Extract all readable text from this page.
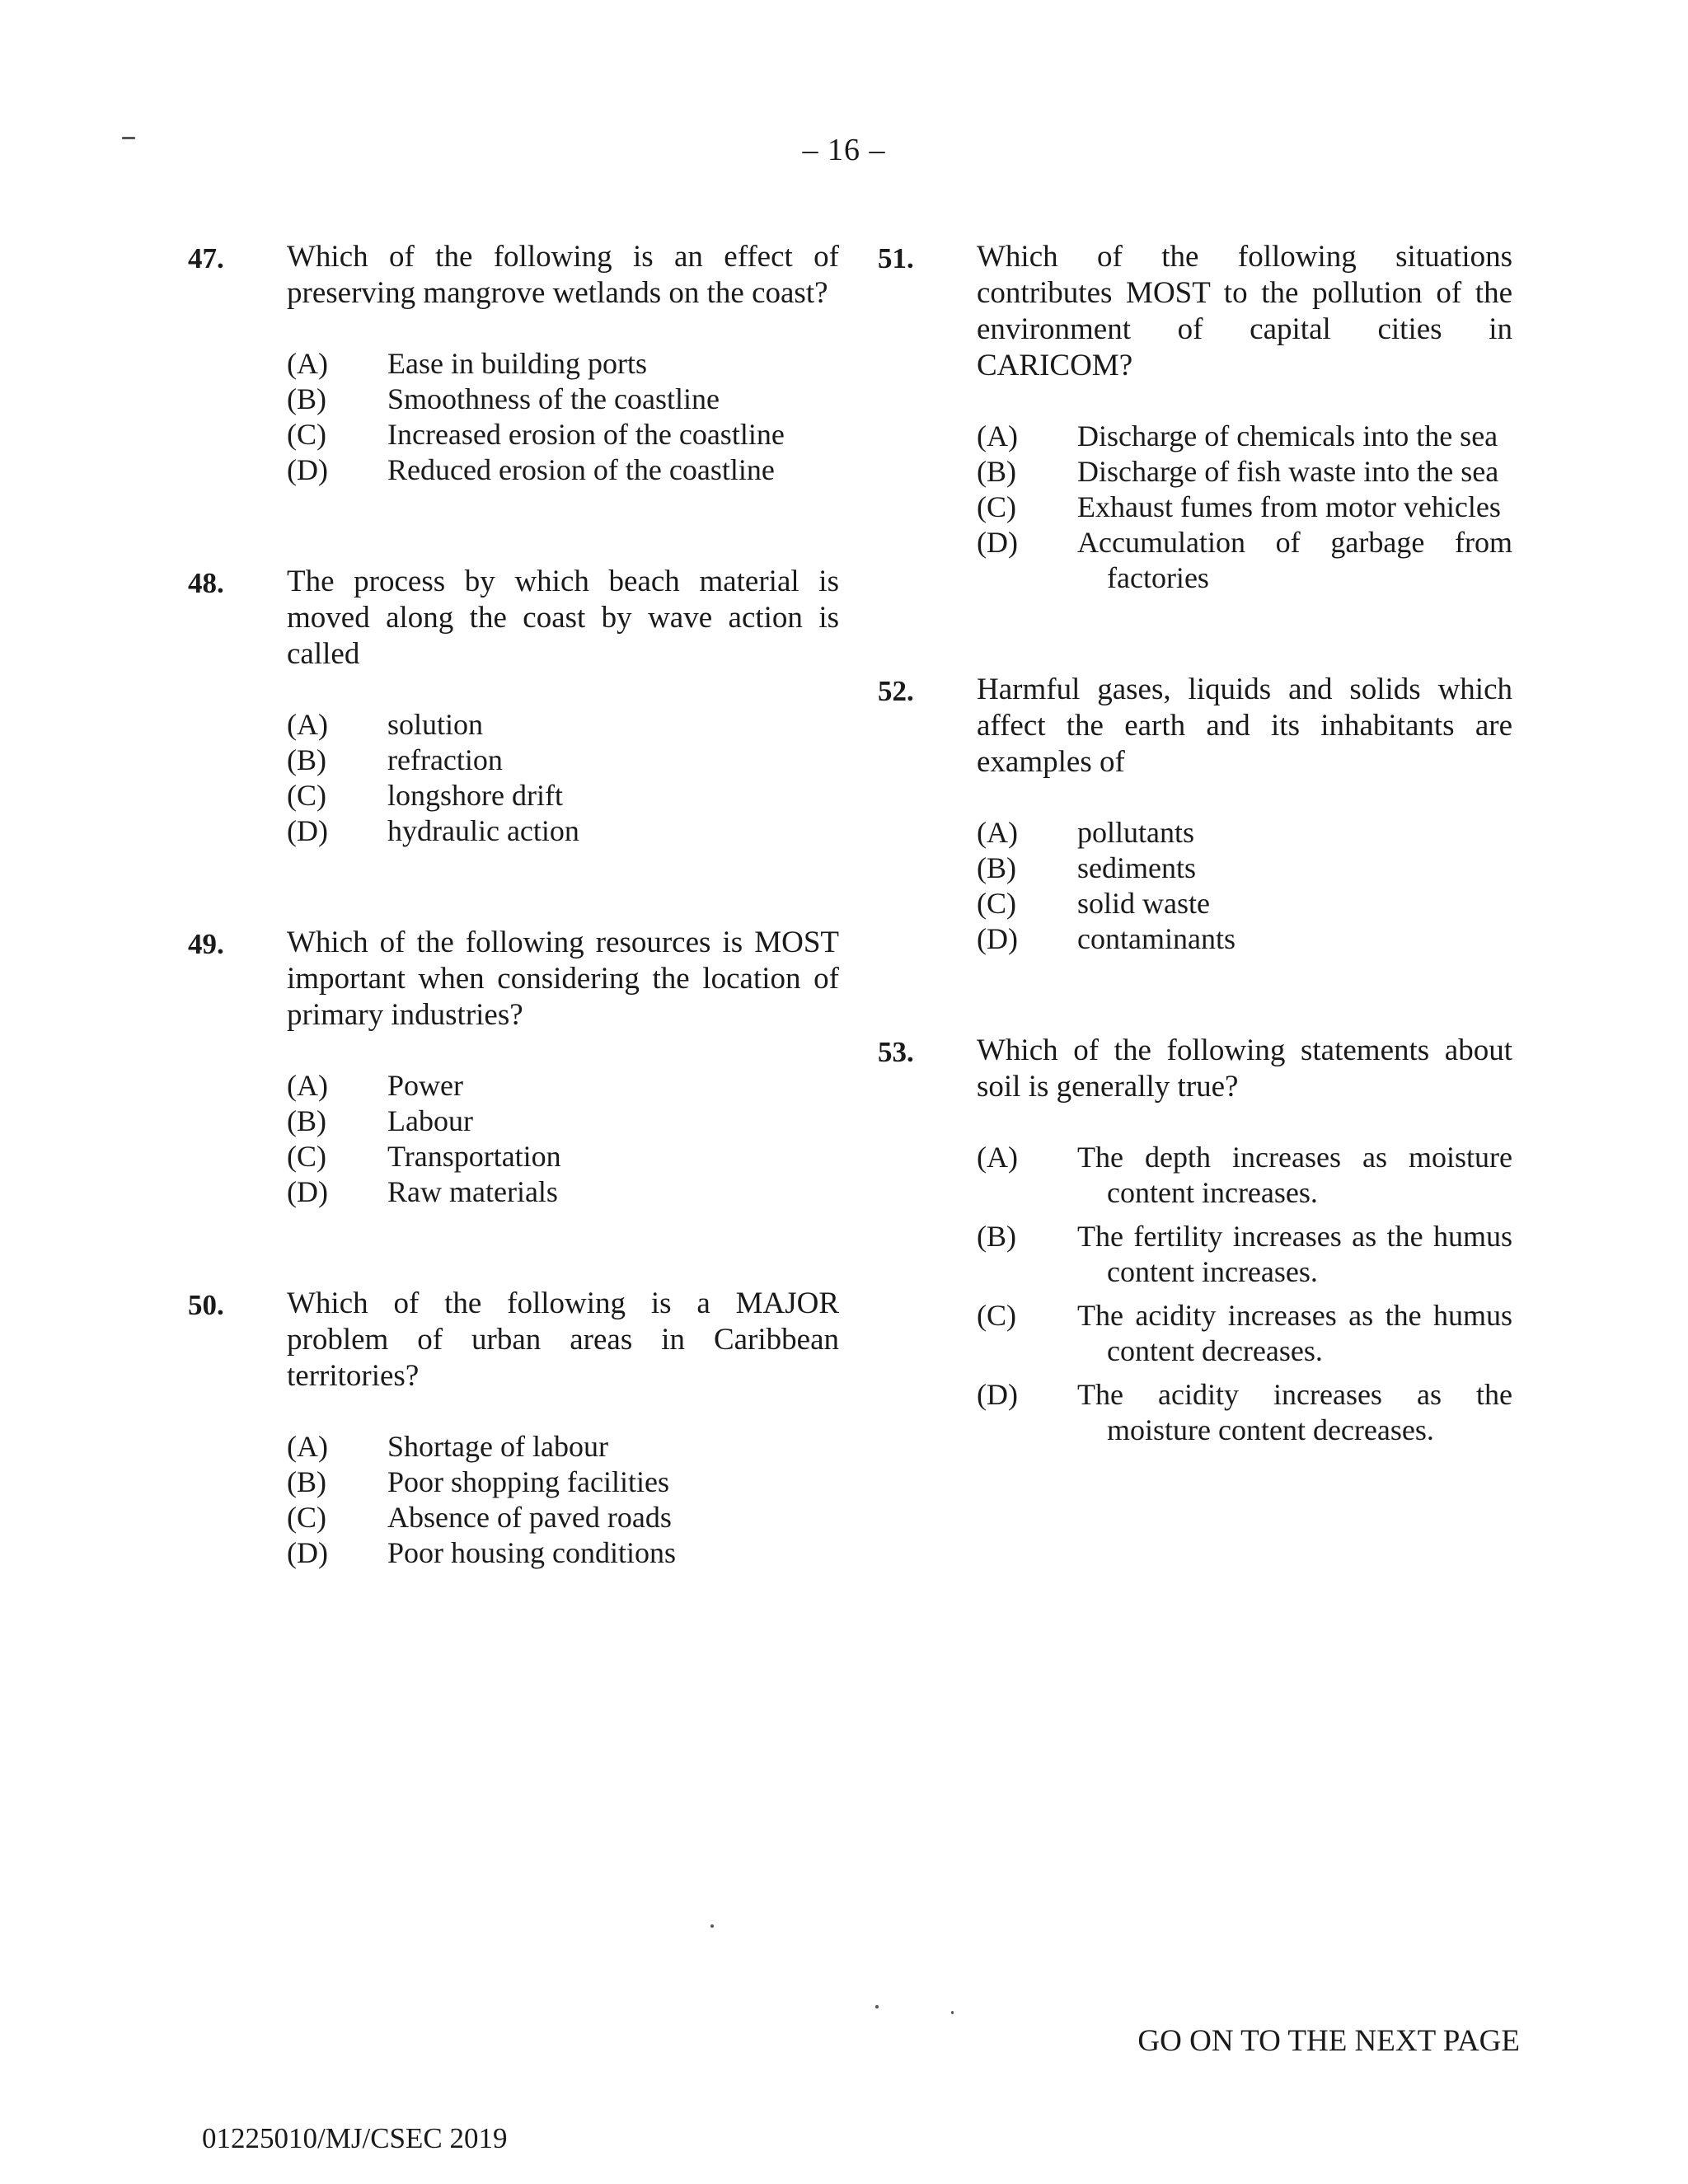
– 16 –
47.	Which of the following is an effect of preserving mangrove wetlands on the coast?

(A)	Ease in building ports
(B)	Smoothness of the coastline
(C)	Increased erosion of the coastline
(D)	Reduced erosion of the coastline
48.	The process by which beach material is moved along the coast by wave action is called

(A)	solution
(B)	refraction
(C)	longshore drift
(D)	hydraulic action
49.	Which of the following resources is MOST important when considering the location of primary industries?

(A)	Power
(B)	Labour
(C)	Transportation
(D)	Raw materials
50.	Which of the following is a MAJOR problem of urban areas in Caribbean territories?

(A)	Shortage of labour
(B)	Poor shopping facilities
(C)	Absence of paved roads
(D)	Poor housing conditions
51.	Which of the following situations contributes MOST to the pollution of the environment of capital cities in CARICOM?

(A)	Discharge of chemicals into the sea
(B)	Discharge of fish waste into the sea
(C)	Exhaust fumes from motor vehicles
(D)	Accumulation of garbage from factories
52.	Harmful gases, liquids and solids which affect the earth and its inhabitants are examples of

(A)	pollutants
(B)	sediments
(C)	solid waste
(D)	contaminants
53.	Which of the following statements about soil is generally true?

(A)	The depth increases as moisture content increases.
(B)	The fertility increases as the humus content increases.
(C)	The acidity increases as the humus content decreases.
(D)	The acidity increases as the moisture content decreases.
GO ON TO THE NEXT PAGE
01225010/MJ/CSEC 2019
